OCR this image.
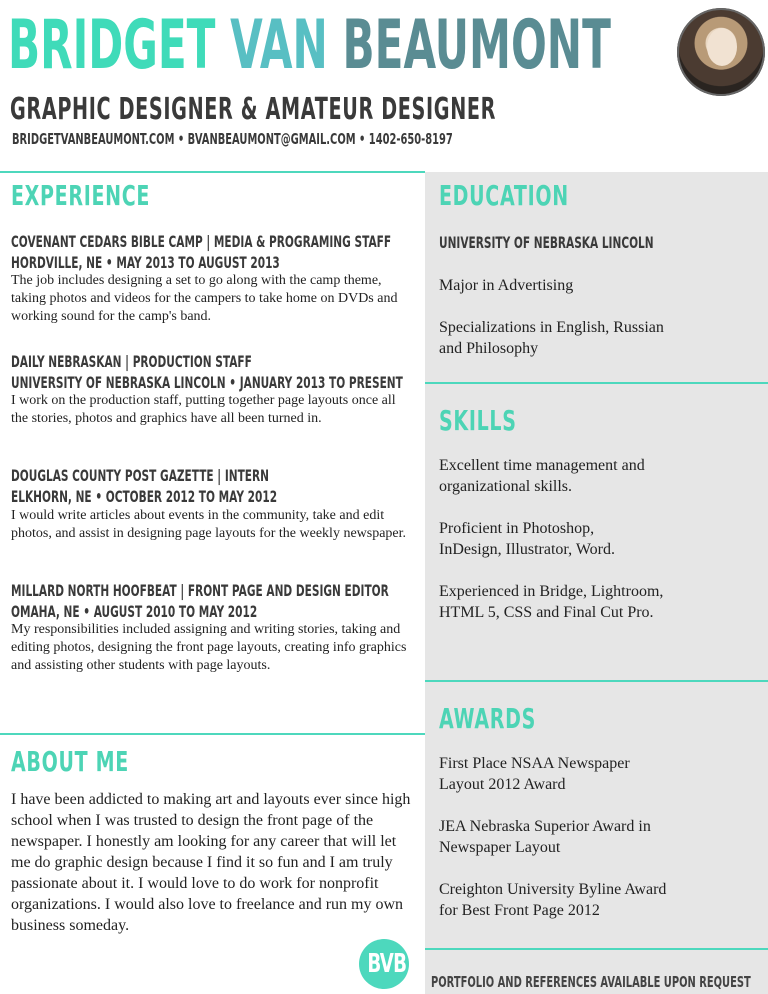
BRIDGET VAN BEAUMONT
GRAPHIC DESIGNER & AMATEUR DESIGNER
BRIDGETVANBEAUMONT.COM • BVANBEAUMONT@GMAIL.COM • 1402-650-8197
EXPERIENCE
COVENANT CEDARS BIBLE CAMP | MEDIA & PROGRAMING STAFF
HORDVILLE, NE • MAY 2013 TO AUGUST 2013
The job includes designing a set to go along with the camp theme, taking photos and videos for the campers to take home on DVDs and working sound for the camp's band.
DAILY NEBRASKAN | PRODUCTION STAFF
UNIVERSITY OF NEBRASKA LINCOLN • JANUARY 2013 TO PRESENT
I work on the production staff, putting together page layouts once all the stories, photos and graphics have all been turned in.
DOUGLAS COUNTY POST GAZETTE | INTERN
ELKHORN, NE • OCTOBER 2012 TO MAY 2012
I would write articles about events in the community, take and edit photos, and assist in designing page layouts for the weekly newspaper.
MILLARD NORTH HOOFBEAT | FRONT PAGE AND DESIGN EDITOR
OMAHA, NE • AUGUST 2010 TO MAY 2012
My responsibilities included assigning and writing stories, taking and editing photos, designing the front page layouts, creating info graphics and assisting other students with page layouts.
ABOUT ME
I have been addicted to making art and layouts ever since high school when I was trusted to design the front page of the newspaper. I honestly am looking for any career that will let me do graphic design because I find it so fun and I am truly passionate about it. I would love to do work for nonprofit organizations. I would also love to freelance and run my own business someday.
EDUCATION
UNIVERSITY OF NEBRASKA LINCOLN
Major in Advertising
Specializations in English, Russian and Philosophy
SKILLS
Excellent time management and organizational skills.
Proficient in Photoshop, InDesign, Illustrator, Word.
Experienced in Bridge, Lightroom, HTML 5, CSS and Final Cut Pro.
AWARDS
First Place NSAA Newspaper Layout 2012 Award
JEA Nebraska Superior Award in Newspaper Layout
Creighton University Byline Award for Best Front Page 2012
BVB
PORTFOLIO AND REFERENCES AVAILABLE UPON REQUEST
